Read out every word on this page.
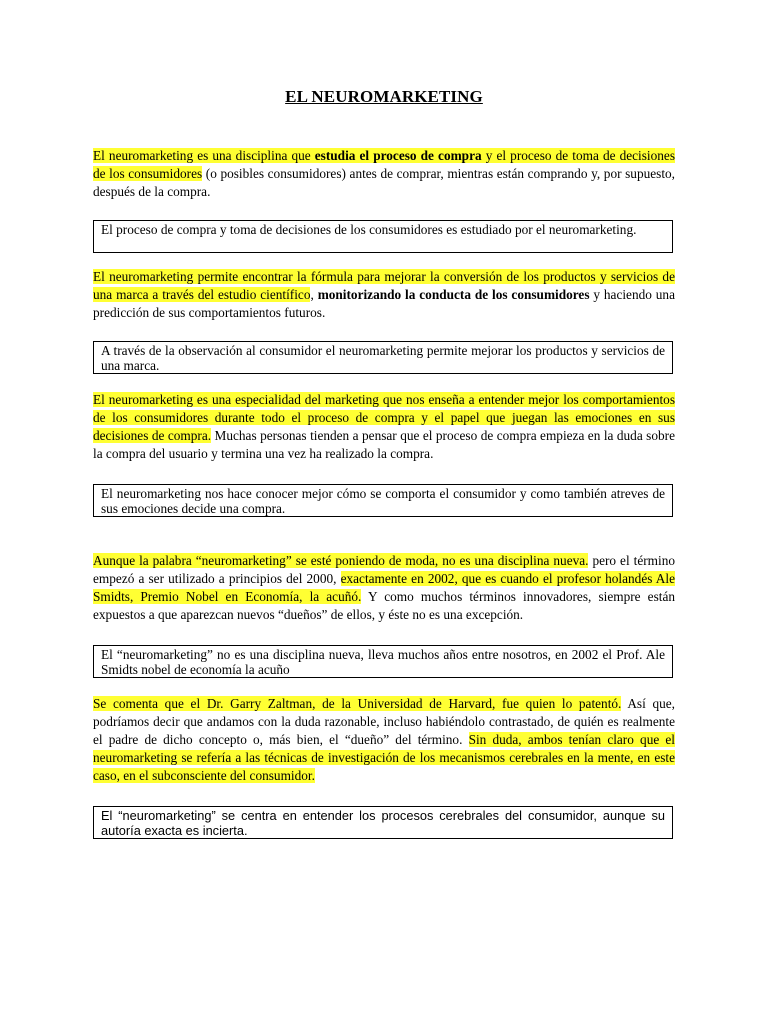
EL NEUROMARKETING
El neuromarketing es una disciplina que estudia el proceso de compra y el proceso de toma de decisiones de los consumidores (o posibles consumidores) antes de comprar, mientras están comprando y, por supuesto, después de la compra.
El proceso de compra y toma de decisiones de los consumidores es estudiado por el neuromarketing.
El neuromarketing permite encontrar la fórmula para mejorar la conversión de los productos y servicios de una marca a través del estudio científico, monitorizando la conducta de los consumidores y haciendo una predicción de sus comportamientos futuros.
A través de la observación al consumidor el neuromarketing permite mejorar los productos y servicios de una marca.
El neuromarketing es una especialidad del marketing que nos enseña a entender mejor los comportamientos de los consumidores durante todo el proceso de compra y el papel que juegan las emociones en sus decisiones de compra. Muchas personas tienden a pensar que el proceso de compra empieza en la duda sobre la compra del usuario y termina una vez ha realizado la compra.
El neuromarketing nos hace conocer mejor cómo se comporta el consumidor y como también atreves de sus emociones decide una compra.
Aunque la palabra “neuromarketing” se esté poniendo de moda, no es una disciplina nueva. pero el término empezó a ser utilizado a principios del 2000, exactamente en 2002, que es cuando el profesor holandés Ale Smidts, Premio Nobel en Economía, la acuñó. Y como muchos términos innovadores, siempre están expuestos a que aparezcan nuevos “dueños” de ellos, y éste no es una excepción.
El “neuromarketing” no es una disciplina nueva, lleva muchos años entre nosotros, en 2002 el Prof. Ale Smidts nobel de economía la acuño
Se comenta que el Dr. Garry Zaltman, de la Universidad de Harvard, fue quien lo patentó. Así que, podríamos decir que andamos con la duda razonable, incluso habiéndolo contrastado, de quién es realmente el padre de dicho concepto o, más bien, el “dueño” del término. Sin duda, ambos tenían claro que el neuromarketing se refería a las técnicas de investigación de los mecanismos cerebrales en la mente, en este caso, en el subconsciente del consumidor.
El “neuromarketing” se centra en entender los procesos cerebrales del consumidor, aunque su autoría exacta es incierta.
